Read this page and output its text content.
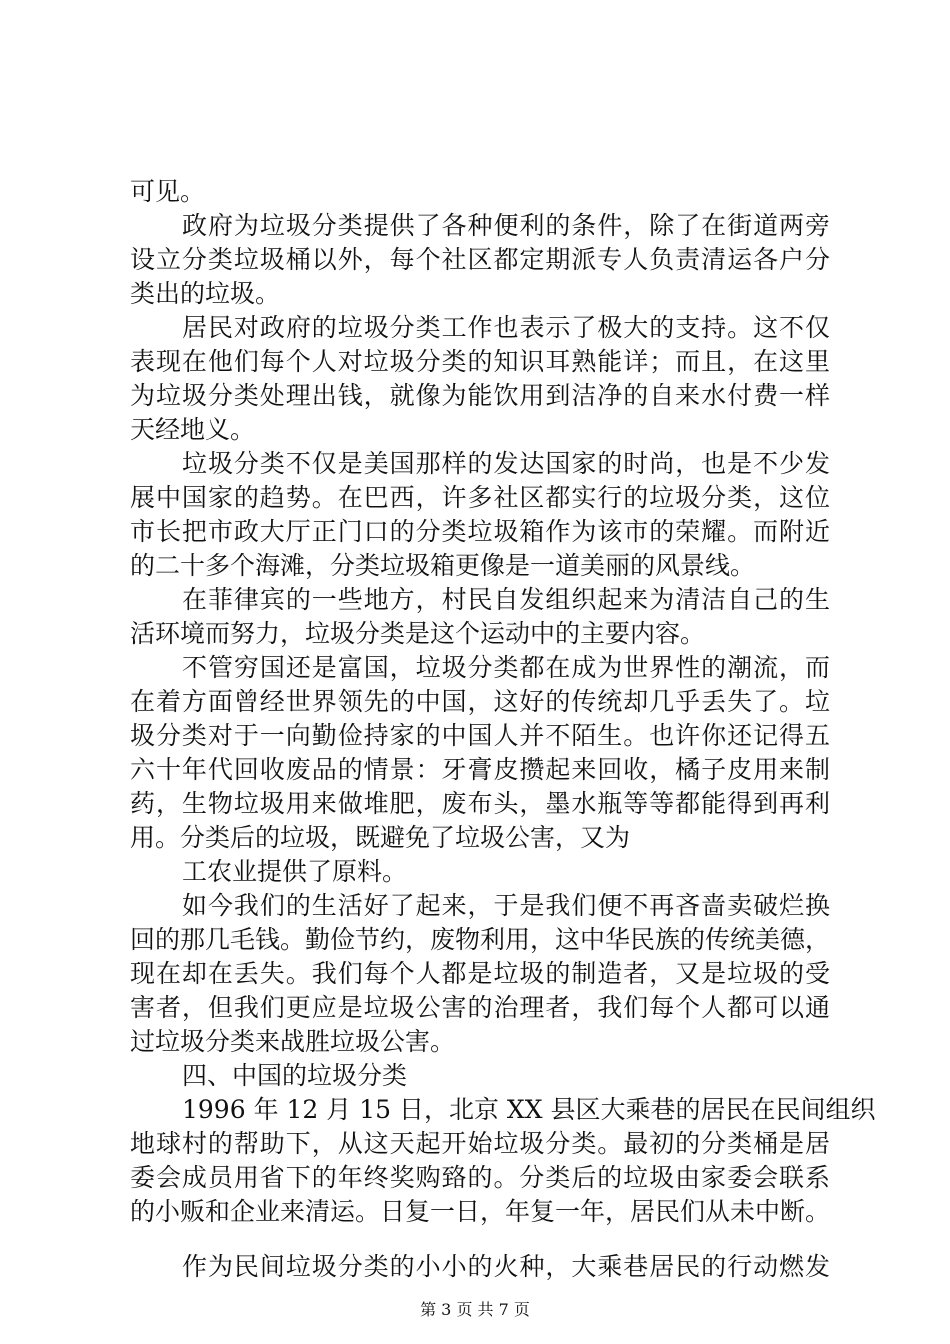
可见。
政府为垃圾分类提供了各种便利的条件，除了在街道两旁
设立分类垃圾桶以外，每个社区都定期派专人负责清运各户分
类出的垃圾。
居民对政府的垃圾分类工作也表示了极大的支持。这不仅
表现在他们每个人对垃圾分类的知识耳熟能详；而且，在这里
为垃圾分类处理出钱，就像为能饮用到洁净的自来水付费一样
天经地义。
垃圾分类不仅是美国那样的发达国家的时尚，也是不少发
展中国家的趋势。在巴西，许多社区都实行的垃圾分类，这位
市长把市政大厅正门口的分类垃圾箱作为该市的荣耀。而附近
的二十多个海滩，分类垃圾箱更像是一道美丽的风景线。
在菲律宾的一些地方，村民自发组织起来为清洁自己的生
活环境而努力，垃圾分类是这个运动中的主要内容。
不管穷国还是富国，垃圾分类都在成为世界性的潮流，而
在着方面曾经世界领先的中国，这好的传统却几乎丢失了。垃
圾分类对于一向勤俭持家的中国人并不陌生。也许你还记得五
六十年代回收废品的情景：牙膏皮攒起来回收，橘子皮用来制
药，生物垃圾用来做堆肥，废布头，墨水瓶等等都能得到再利
用。分类后的垃圾，既避免了垃圾公害，又为
工农业提供了原料。
如今我们的生活好了起来，于是我们便不再吝啬卖破烂换
回的那几毛钱。勤俭节约，废物利用，这中华民族的传统美德，
现在却在丢失。我们每个人都是垃圾的制造者，又是垃圾的受
害者，但我们更应是垃圾公害的治理者，我们每个人都可以通
过垃圾分类来战胜垃圾公害。
四、中国的垃圾分类
1996 年 12 月 15 日，北京 XX 县区大乘巷的居民在民间组织
地球村的帮助下，从这天起开始垃圾分类。最初的分类桶是居
委会成员用省下的年终奖购臵的。分类后的垃圾由家委会联系
的小贩和企业来清运。日复一日，年复一年，居民们从未中断。
第 3 页 共 7 页
作为民间垃圾分类的小小的火种，大乘巷居民的行动燃发
